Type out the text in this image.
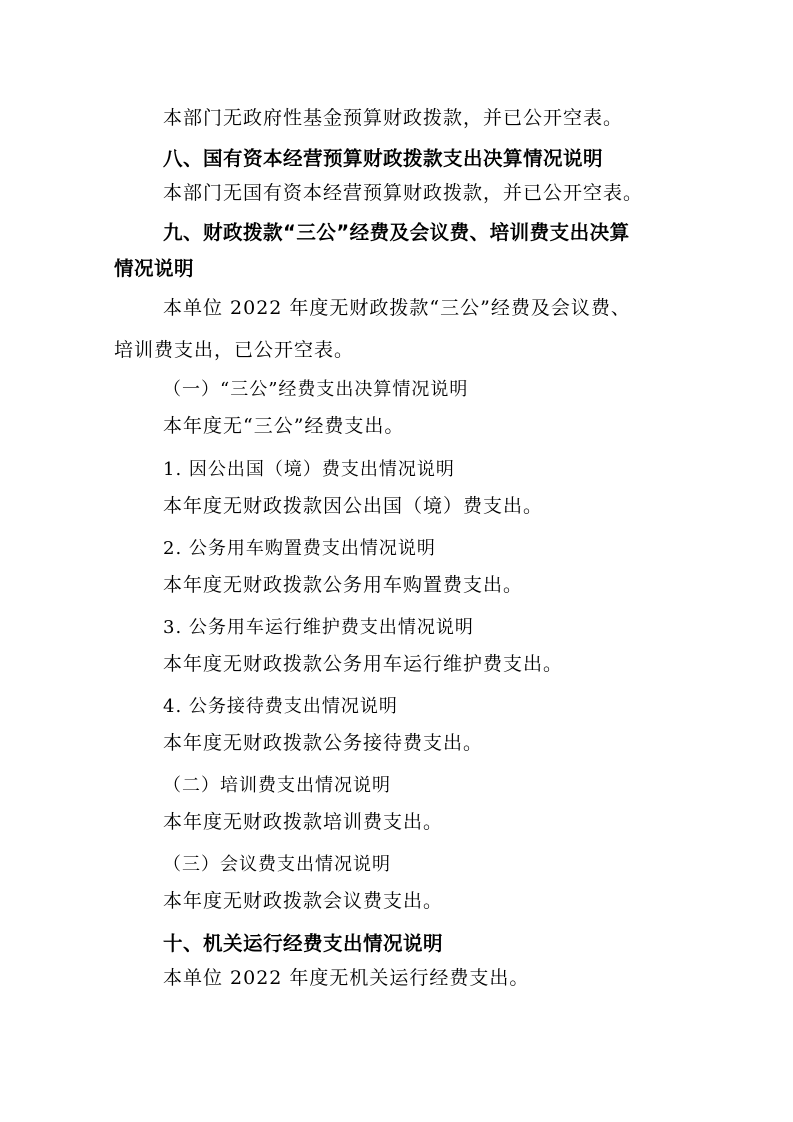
本部门无政府性基金预算财政拨款，并已公开空表。
八、国有资本经营预算财政拨款支出决算情况说明
本部门无国有资本经营预算财政拨款，并已公开空表。
九、财政拨款“三公”经费及会议费、培训费支出决算
情况说明
本单位 2022 年度无财政拨款“三公”经费及会议费、
培训费支出，已公开空表。
（一）“三公”经费支出决算情况说明
本年度无“三公”经费支出。
1. 因公出国（境）费支出情况说明
本年度无财政拨款因公出国（境）费支出。
2. 公务用车购置费支出情况说明
本年度无财政拨款公务用车购置费支出。
3. 公务用车运行维护费支出情况说明
本年度无财政拨款公务用车运行维护费支出。
4. 公务接待费支出情况说明
本年度无财政拨款公务接待费支出。
（二）培训费支出情况说明
本年度无财政拨款培训费支出。
（三）会议费支出情况说明
本年度无财政拨款会议费支出。
十、机关运行经费支出情况说明
本单位 2022 年度无机关运行经费支出。
